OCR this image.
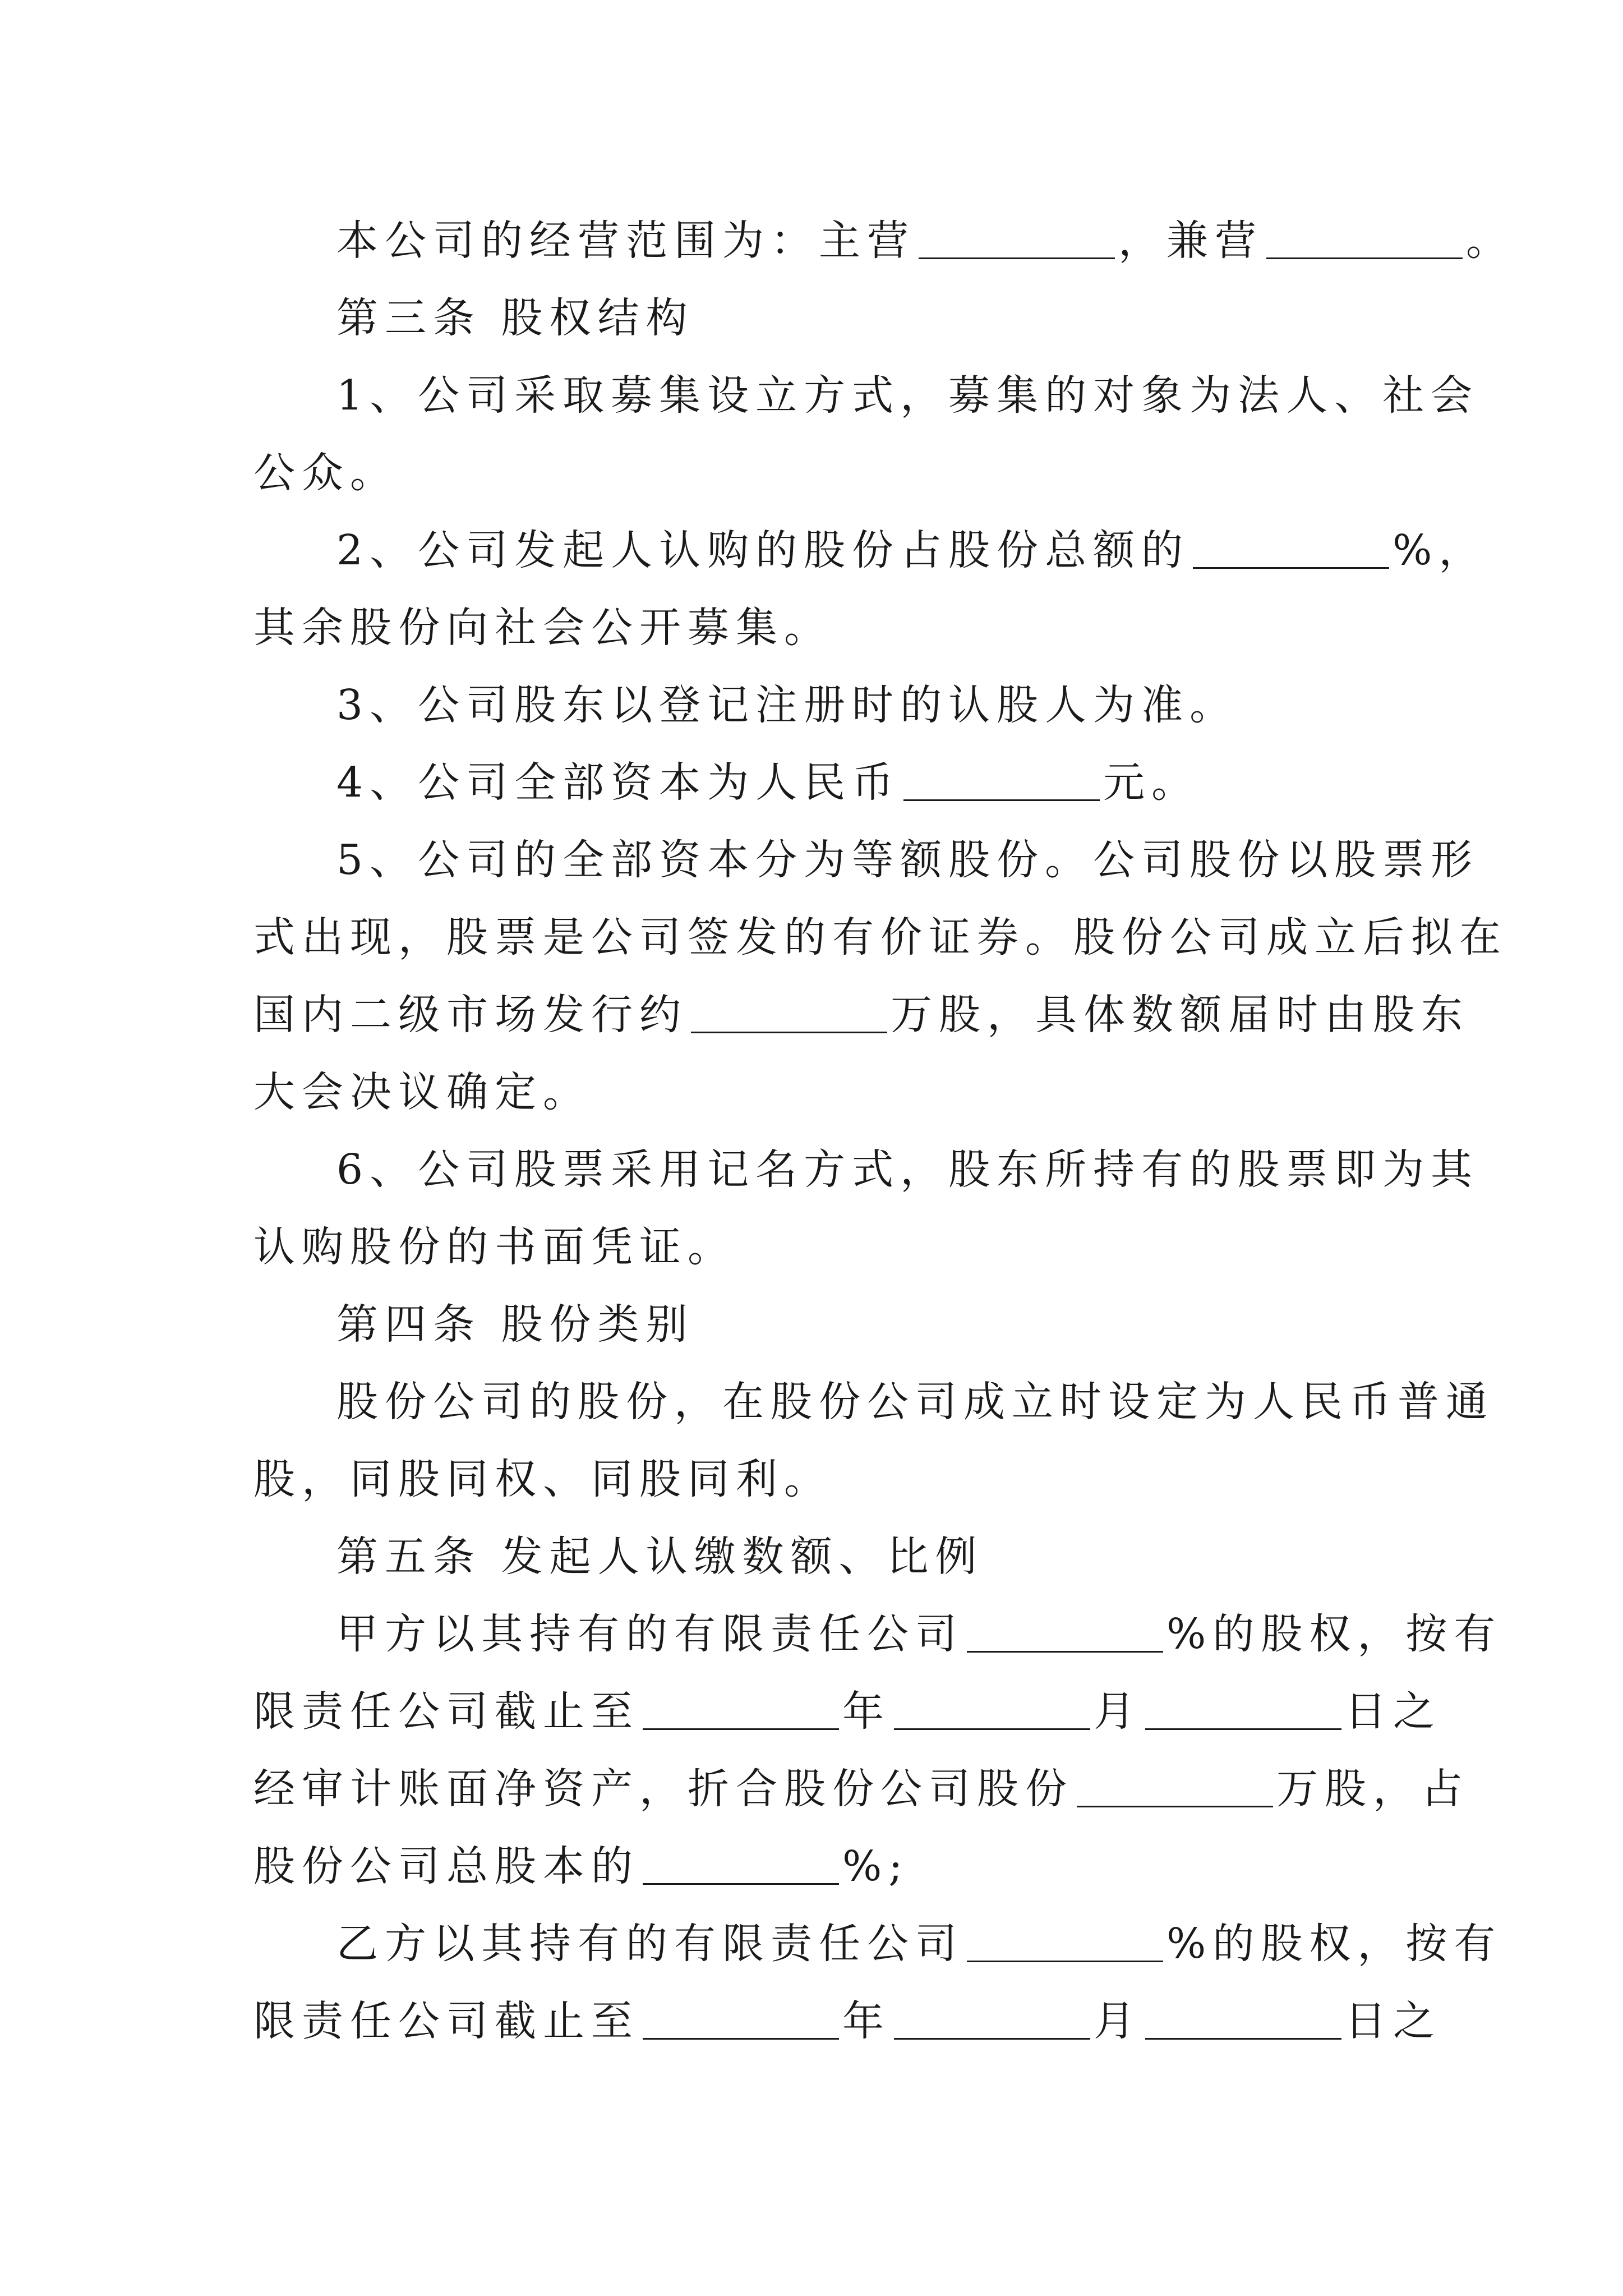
本公司的经营范围为：主营	，兼营	。
第三条 股权结构
1、公司采取募集设立方式，募集的对象为法人、社会
公众。
2、公司发起人认购的股份占股份总额的	%，
其余股份向社会公开募集。
3、公司股东以登记注册时的认股人为准。
4、公司全部资本为人民币	元。
5、公司的全部资本分为等额股份。公司股份以股票形
式出现，股票是公司签发的有价证券。股份公司成立后拟在
国内二级市场发行约	万股，具体数额届时由股东
大会决议确定。
6、公司股票采用记名方式，股东所持有的股票即为其
认购股份的书面凭证。
第四条 股份类别
股份公司的股份，在股份公司成立时设定为人民币普通
股，同股同权、同股同利。
第五条 发起人认缴数额、比例
甲方以其持有的有限责任公司	%的股权，按有
限责任公司截止至	年	月	日之
经审计账面净资产，折合股份公司股份	万股，占
股份公司总股本的	%;
乙方以其持有的有限责任公司	%的股权，按有
限责任公司截止至	年	月	日之
